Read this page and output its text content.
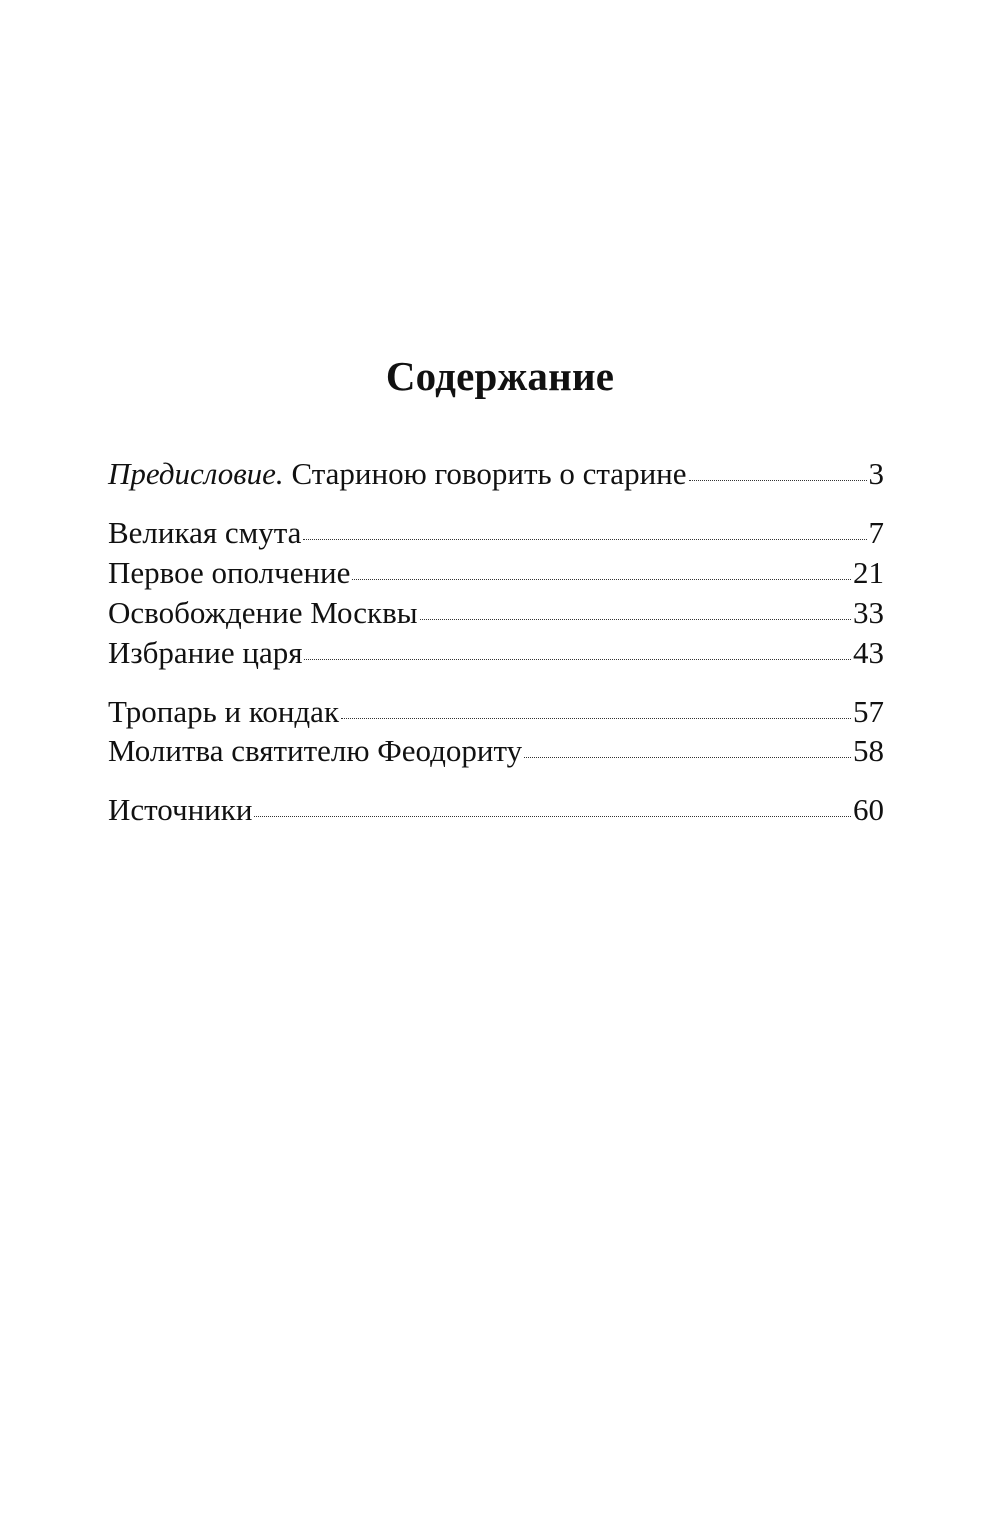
Содержание
Предисловие. Стариною говорить о старине	3
Великая смута	7
Первое ополчение	21
Освобождение Москвы	33
Избрание царя	43
Тропарь и кондак	57
Молитва святителю Феодориту	58
Источники	60
